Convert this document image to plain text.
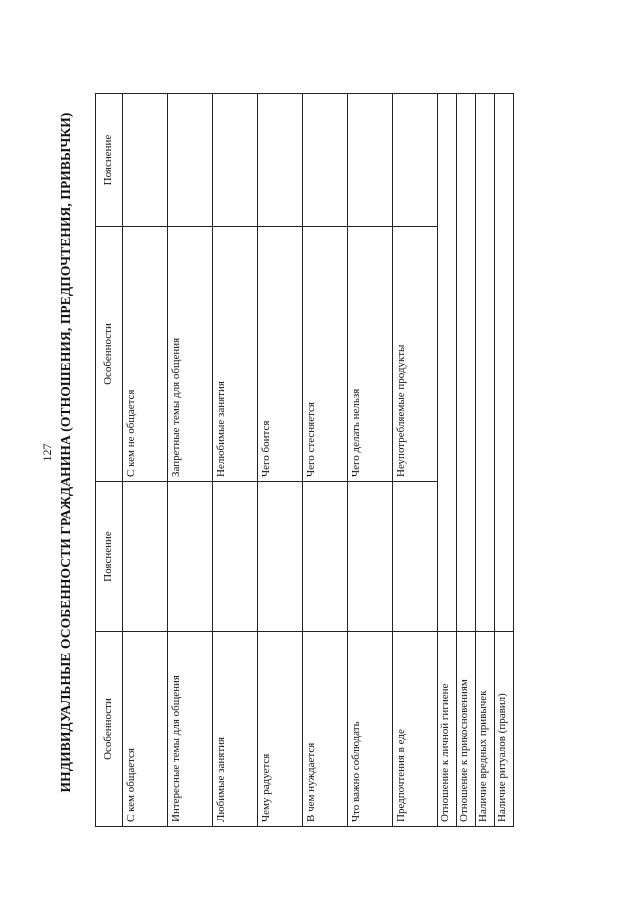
127 ИНДИВИДУАЛЬНЫЕ ОСОБЕННОСТИ ГРАЖДАНИНА (ОТНОШЕНИЯ, ПРЕДПОЧТЕНИЯ, ПРИВЫЧКИ)	Особенности	Пояснение	Особенности	Пояснение
С кем общается		С кем не общается	
Интересные темы для общения		Запретные темы для общения	
Любимые занятия		Нелюбимые занятия	
Чему радуется		Чего боится	
В чем нуждается		Чего стесняется	
Что важно соблюдать		Чего делать нельзя	
Предпочтения в еде		Неупотребляемые продукты	
Отношение к личной гигиене			
Отношение к прикосновениям			
Наличие вредных привычек			
Наличие ритуалов (правил)			
